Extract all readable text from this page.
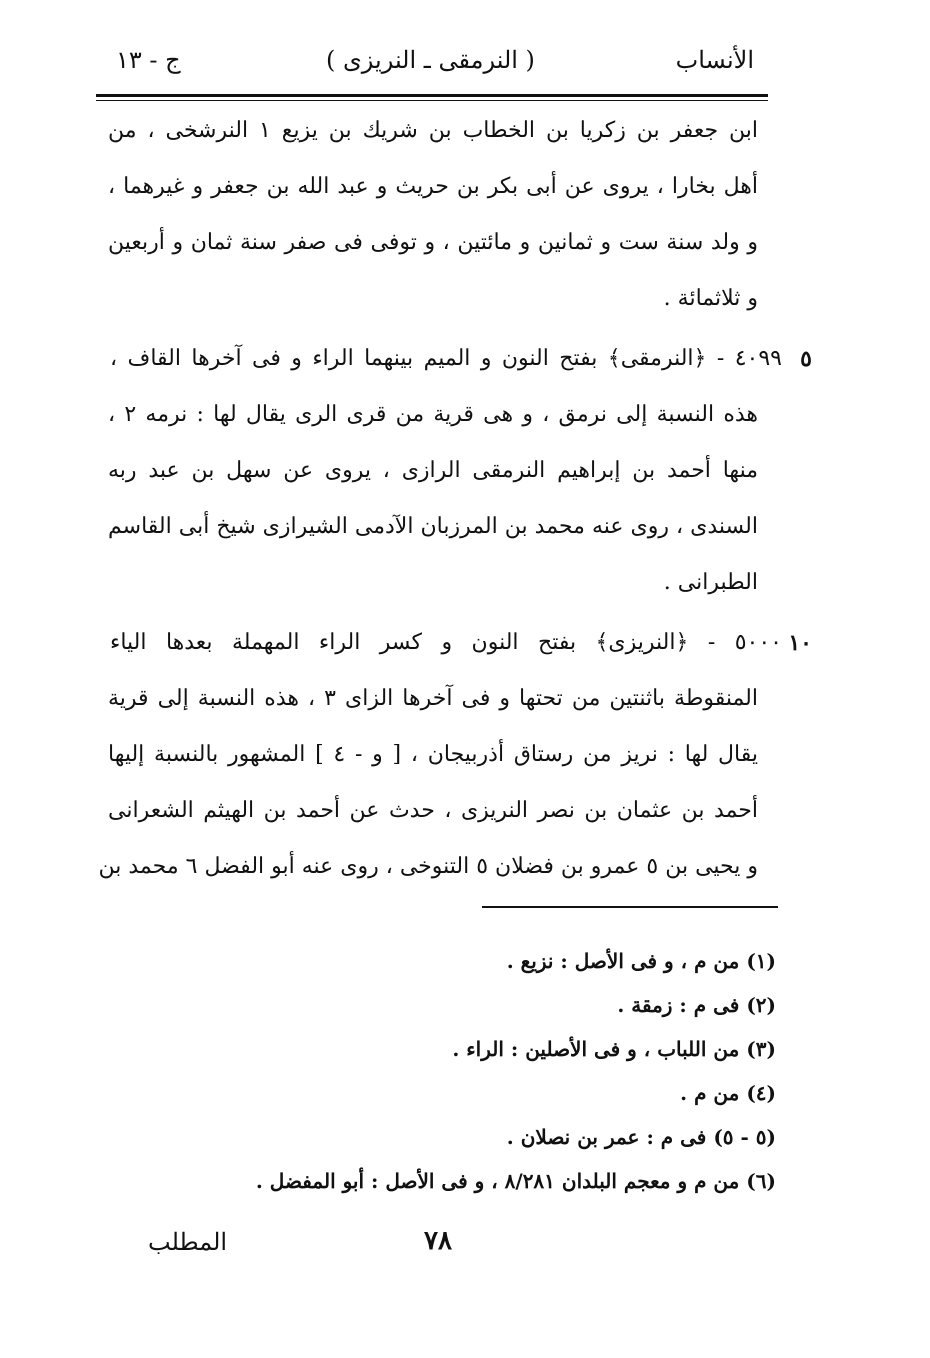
الأنساب
( النرمقى ـ النريزى )
ج - ١٣
ابن جعفر بن زكريا بن الخطاب بن شريك بن يزيع ١ النرشخى ، من
أهل بخارا ، يروى عن أبى بكر بن حريث و عبد الله بن جعفر و غيرهما ،
و ولد سنة ست و ثمانين و مائتين ، و توفى فى صفر سنة ثمان و أربعين
و ثلاثمائة .
٥
٤٠٩٩ - ﴿النرمقى﴾ بفتح النون و الميم بينهما الراء و فى آخرها القاف ،
هذه النسبة إلى نرمق ، و هى قرية من قرى الرى يقال لها : نرمه ٢ ،
منها أحمد بن إبراهيم النرمقى الرازى ، يروى عن سهل بن عبد ربه
السندى ، روى عنه محمد بن المرزبان الآدمى الشيرازى شيخ أبى القاسم
الطبرانى .
١٠
٥٠٠٠ - ﴿النريزى﴾ بفتح النون و كسر الراء المهملة بعدها الياء
المنقوطة باثنتين من تحتها و فى آخرها الزاى ٣ ، هذه النسبة إلى قرية
يقال لها : نريز من رستاق أذربيجان ، [ و - ٤ ] المشهور بالنسبة إليها
أحمد بن عثمان بن نصر النريزى ، حدث عن أحمد بن الهيثم الشعرانى
و يحيى بن ٥ عمرو بن فضلان ٥ التنوخى ، روى عنه أبو الفضل ٦ محمد بن
(١) من م ، و فى الأصل : نزيع .
(٢) فى م : زمقة .
(٣) من اللباب ، و فى الأصلين : الراء .
(٤) من م .
(٥ - ٥) فى م : عمر بن نصلان .
(٦) من م و معجم البلدان ٨/٢٨١ ، و فى الأصل : أبو المفضل .
٧٨
المطلب
